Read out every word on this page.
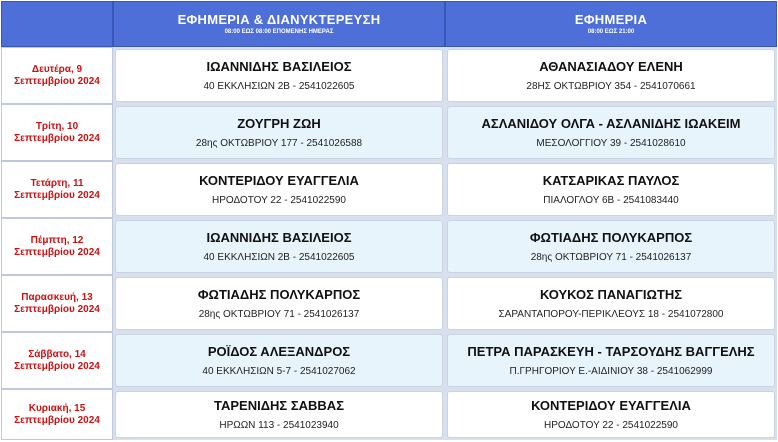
ΕΦΗΜΕΡΙΑ & ΔΙΑΝΥΚΤΕΡΕΥΣΗ
08:00 ΕΩΣ 08:00 ΕΠΟΜΕΝΗΣ ΗΜΕΡΑΣ
ΕΦΗΜΕΡΙΑ
08:00 ΕΩΣ 21:00
Δευτέρα, 9
Σεπτεμβρίου 2024
ΙΩΑΝΝΙΔΗΣ ΒΑΣΙΛΕΙΟΣ
40 ΕΚΚΛΗΣΙΩΝ 2Β - 2541022605
ΑΘΑΝΑΣΙΑΔΟΥ ΕΛΕΝΗ
28ΗΣ ΟΚΤΩΒΡΙΟΥ 354 - 2541070661
Τρίτη, 10
Σεπτεμβρίου 2024
ΖΟΥΓΡΗ ΖΩΗ
28ης ΟΚΤΩΒΡΙΟΥ 177 - 2541026588
ΑΣΛΑΝΙΔΟΥ ΟΛΓΑ - ΑΣΛΑΝΙΔΗΣ ΙΩΑΚΕΙΜ
ΜΕΣΟΛΟΓΓΙΟΥ 39 - 2541028610
Τετάρτη, 11
Σεπτεμβρίου 2024
ΚΟΝΤΕΡΙΔΟΥ ΕΥΑΓΓΕΛΙΑ
ΗΡΟΔΟΤΟΥ 22 - 2541022590
ΚΑΤΣΑΡΙΚΑΣ ΠΑΥΛΟΣ
ΠΙΑΛΟΓΛΟΥ 6Β - 2541083440
Πέμπτη, 12
Σεπτεμβρίου 2024
ΙΩΑΝΝΙΔΗΣ ΒΑΣΙΛΕΙΟΣ
40 ΕΚΚΛΗΣΙΩΝ 2Β - 2541022605
ΦΩΤΙΑΔΗΣ ΠΟΛΥΚΑΡΠΟΣ
28ης ΟΚΤΩΒΡΙΟΥ 71 - 2541026137
Παρασκευή, 13
Σεπτεμβρίου 2024
ΦΩΤΙΑΔΗΣ ΠΟΛΥΚΑΡΠΟΣ
28ης ΟΚΤΩΒΡΙΟΥ 71 - 2541026137
ΚΟΥΚΟΣ ΠΑΝΑΓΙΩΤΗΣ
ΣΑΡΑΝΤΑΠΟΡΟΥ-ΠΕΡΙΚΛΕΟΥΣ 18 - 2541072800
Σάββατο, 14
Σεπτεμβρίου 2024
ΡΟΪΔΟΣ ΑΛΕΞΑΝΔΡΟΣ
40 ΕΚΚΛΗΣΙΩΝ 5-7 - 2541027062
ΠΕΤΡΑ ΠΑΡΑΣΚΕΥΗ - ΤΑΡΣΟΥΔΗΣ ΒΑΓΓΕΛΗΣ
Π.ΓΡΗΓΟΡΙΟΥ Ε.-ΑΙΔΙΝΙΟΥ 38 - 2541062999
Κυριακή, 15
Σεπτεμβρίου 2024
ΤΑΡΕΝΙΔΗΣ ΣΑΒΒΑΣ
ΗΡΩΩΝ 113 - 2541023940
ΚΟΝΤΕΡΙΔΟΥ ΕΥΑΓΓΕΛΙΑ
ΗΡΟΔΟΤΟΥ 22 - 2541022590
